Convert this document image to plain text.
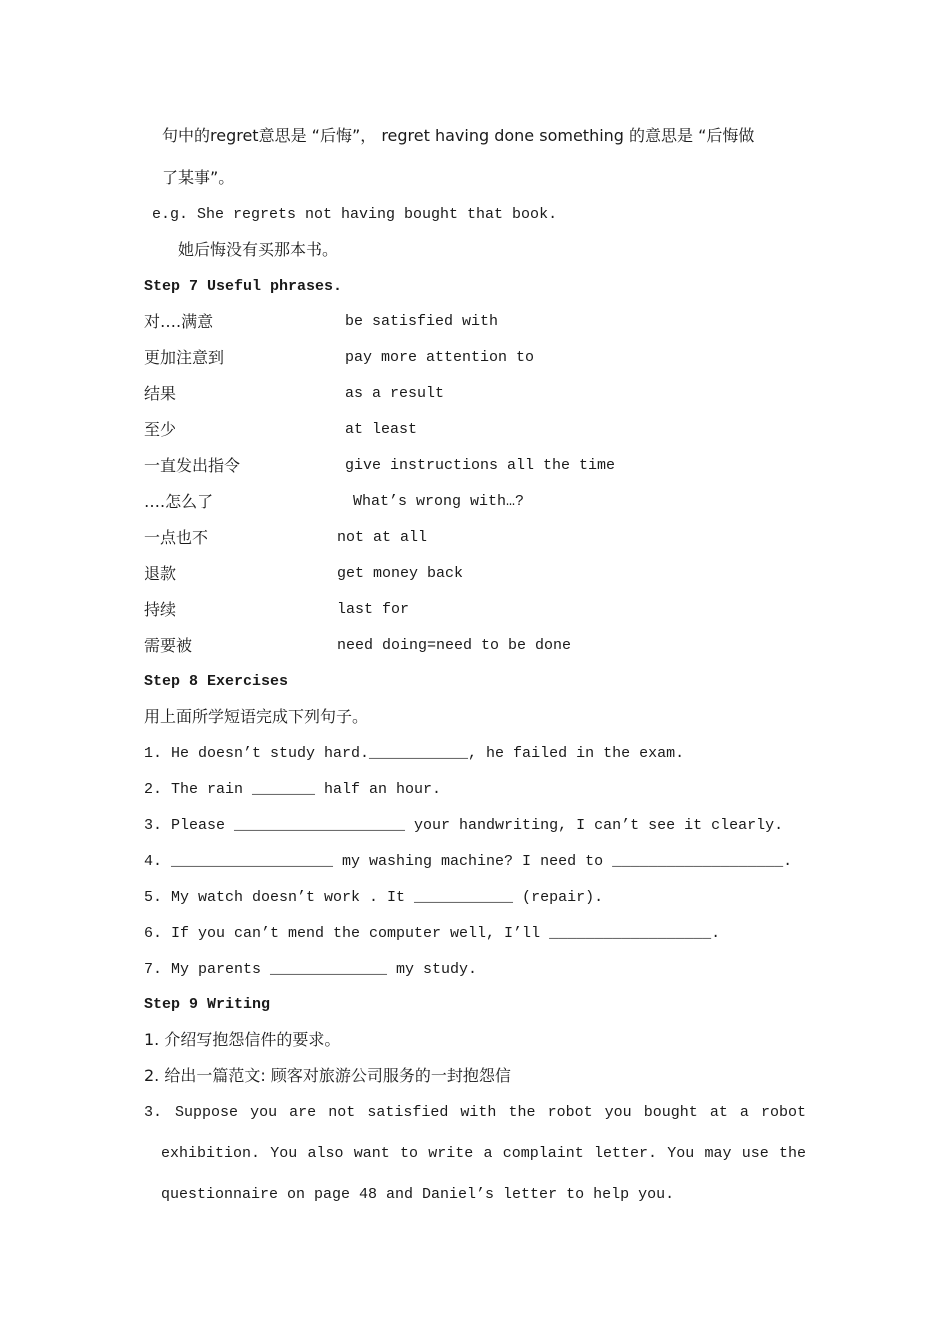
句中的regret意思是 “后悔”， regret having done something 的意思是 “后悔做
了某事”。
e.g. She regrets not having bought that book.
她后悔没有买那本书。
Step 7 Useful phrases.
对….满意	be satisfied with
更加注意到	pay more attention to
结果	as a result
至少	at least
一直发出指令	give instructions all the time
….怎么了	What’s wrong with…?
一点也不	not at all
退款	get money back
持续	last for
需要被	need doing=need to be done
Step 8 Exercises
用上面所学短语完成下列句子。
1. He doesn’t study hard.___________, he failed in the exam.
2. The rain _______ half an hour.
3. Please ___________________ your handwriting, I can’t see it clearly.
4. __________________ my washing machine? I need to ___________________.
5. My watch doesn’t work . It ___________ (repair).
6. If you can’t mend the computer well, I’ll __________________.
7. My parents _____________ my study.
Step 9 Writing
1. 介绍写抱怨信件的要求。
2. 给出一篇范文: 顾客对旅游公司服务的一封抱怨信
3. Suppose you are not satisfied with the robot you bought at a robot
exhibition. You also want to write a complaint letter. You may use the
questionnaire on page 48 and Daniel’s letter to help you.
